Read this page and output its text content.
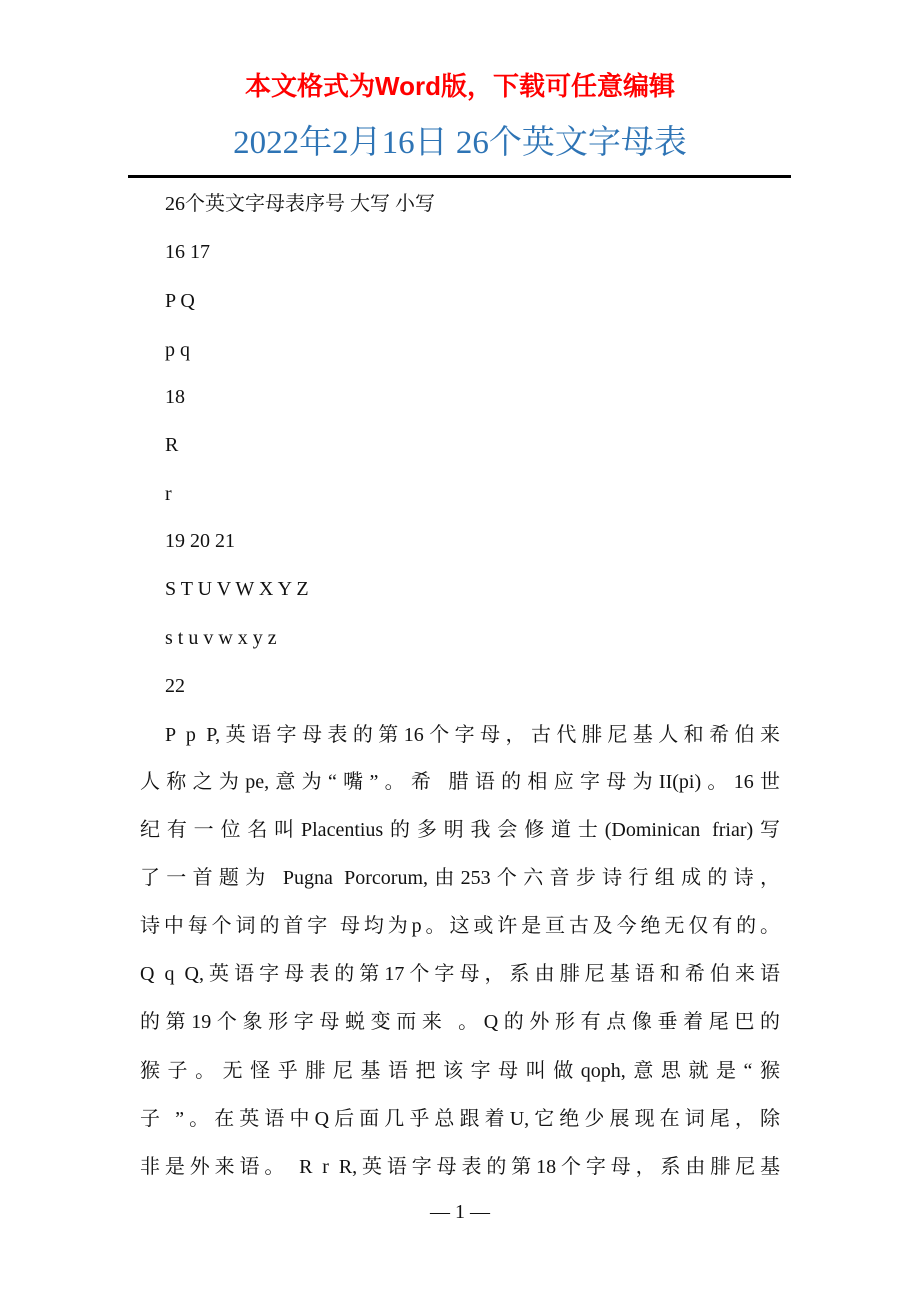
本文格式为Word版，下载可任意编辑
2022年2月16日 26个英文字母表
26个英文字母表序号 大写 小写
16 17
P Q
p q
18
R
r
19 20 21
S T U V W X Y Z
s t u v w x y z
22
P p P,英语字母表的第16个字母，古代腓尼基人和希伯来
人称之为pe,意为“嘴”。希 腊语的相应字母为II(pi)。16世
纪有一位名叫Placentius的多明我会修道士(Dominican friar)写
了一首题为 Pugna Porcorum,由253个六音步诗行组成的诗，
诗中每个词的首字 母均为p。这或许是亘古及今绝无仅有的。
Q q Q,英语字母表的第17个字母，系由腓尼基语和希伯来语
的第19个象形字母蜕变而来 。Q的外形有点像垂着尾巴的
猴子。无怪乎腓尼基语把该字母叫做qoph,意思就是“猴
子 ”。在英语中Q后面几乎总跟着U,它绝少展现在词尾，除
非是外来语。 R r R,英语字母表的第18个字母，系由腓尼基
— 1 —
